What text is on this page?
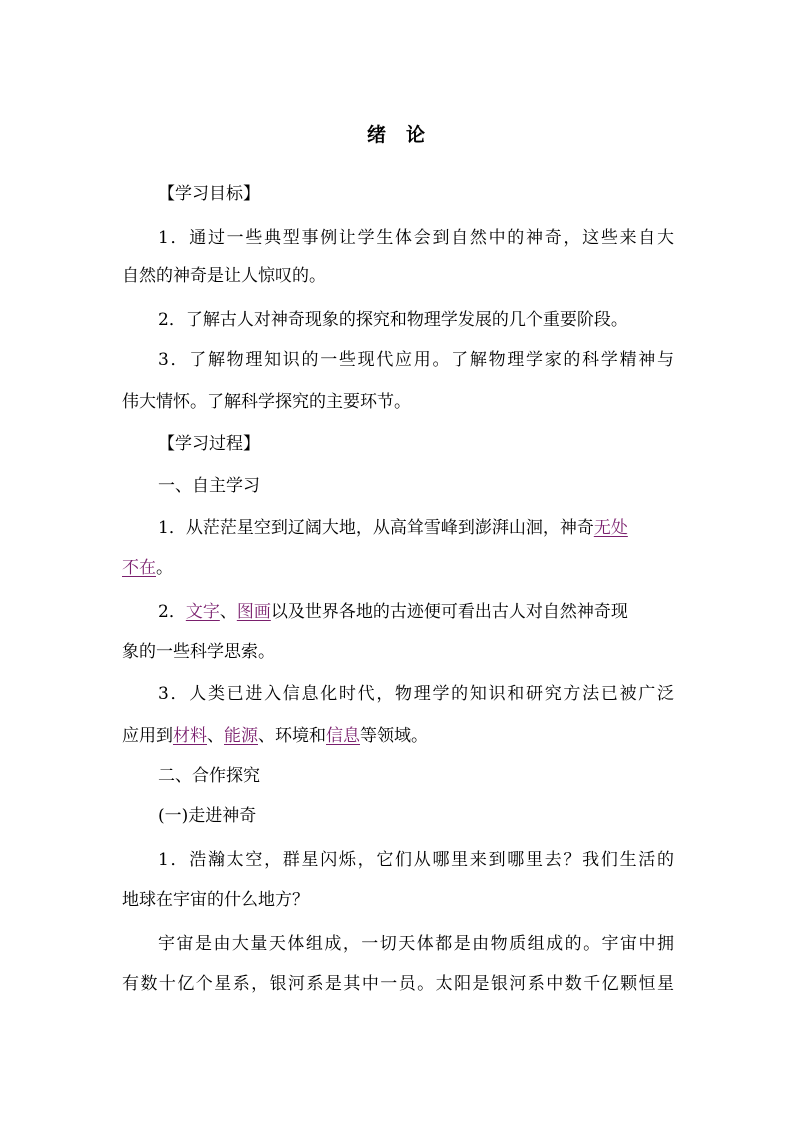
绪 论
【学习目标】
1．通过一些典型事例让学生体会到自然中的神奇，这些来自大
自然的神奇是让人惊叹的。
2．了解古人对神奇现象的探究和物理学发展的几个重要阶段。
3．了解物理知识的一些现代应用。了解物理学家的科学精神与
伟大情怀。了解科学探究的主要环节。
【学习过程】
一、自主学习
1．从茫茫星空到辽阔大地，从高耸雪峰到澎湃山洄，神奇无处
不在。
2．文字、图画以及世界各地的古迹便可看出古人对自然神奇现
象的一些科学思索。
3．人类已进入信息化时代，物理学的知识和研究方法已被广泛
应用到材料、能源、环境和信息等领域。
二、合作探究
(一)走进神奇
1．浩瀚太空，群星闪烁，它们从哪里来到哪里去？我们生活的
地球在宇宙的什么地方？
宇宙是由大量天体组成，一切天体都是由物质组成的。宇宙中拥
有数十亿个星系，银河系是其中一员。太阳是银河系中数千亿颗恒星
